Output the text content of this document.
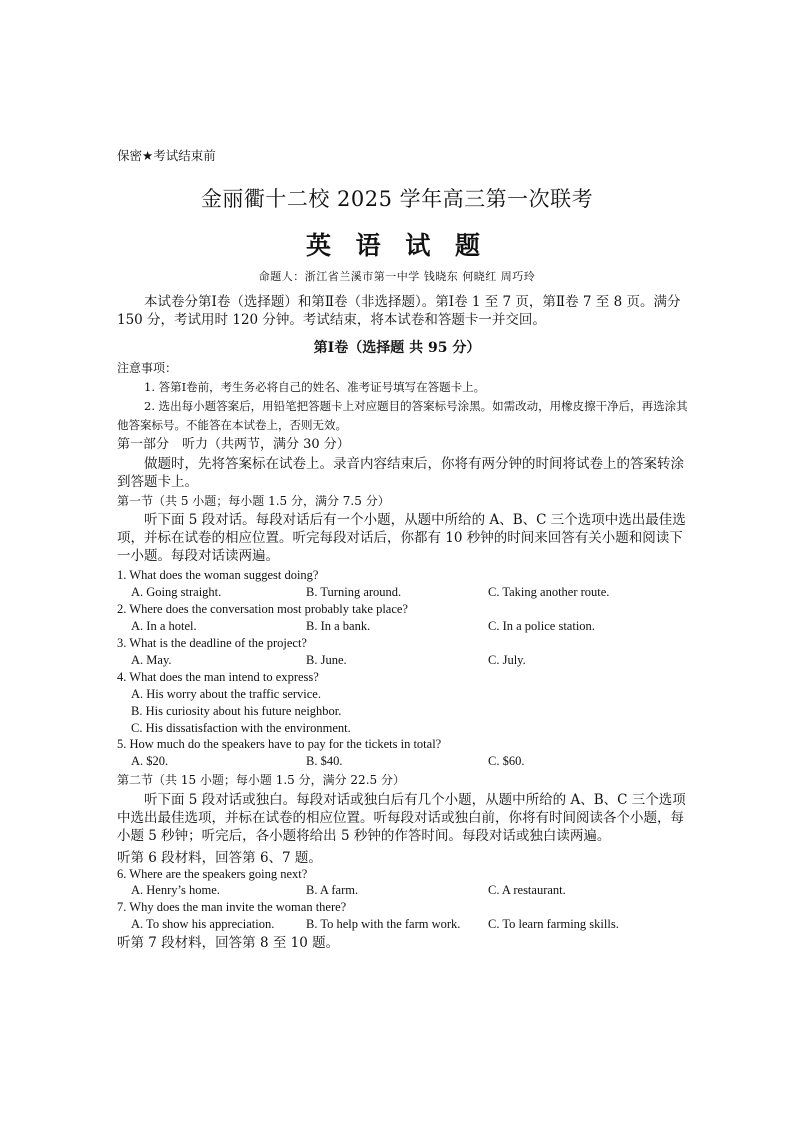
保密★考试结束前
金丽衢十二校 2025 学年高三第一次联考
英 语 试 题
命题人：浙江省兰溪市第一中学 钱晓东 何晓红 周巧玲
本试卷分第Ⅰ卷（选择题）和第Ⅱ卷（非选择题）。第Ⅰ卷 1 至 7 页，第Ⅱ卷 7 至 8 页。满分 150 分，考试用时 120 分钟。考试结束，将本试卷和答题卡一并交回。
第Ⅰ卷（选择题 共 95 分）
注意事项：
1. 答第Ⅰ卷前，考生务必将自己的姓名、准考证号填写在答题卡上。
2. 选出每小题答案后，用铅笔把答题卡上对应题目的答案标号涂黑。如需改动，用橡皮擦干净后，再选涂其他答案标号。不能答在本试卷上，否则无效。
第一部分　听力（共两节，满分 30 分）
做题时，先将答案标在试卷上。录音内容结束后，你将有两分钟的时间将试卷上的答案转涂到答题卡上。
第一节（共 5 小题；每小题 1.5 分，满分 7.5 分）
听下面 5 段对话。每段对话后有一个小题，从题中所给的 A、B、C 三个选项中选出最佳选项，并标在试卷的相应位置。听完每段对话后，你都有 10 秒钟的时间来回答有关小题和阅读下一小题。每段对话读两遍。
1. What does the woman suggest doing?
A. Going straight.	B. Turning around.	C. Taking another route.
2. Where does the conversation most probably take place?
A. In a hotel.	B. In a bank.	C. In a police station.
3. What is the deadline of the project?
A. May.	B. June.	C. July.
4. What does the man intend to express?
A. His worry about the traffic service.
B. His curiosity about his future neighbor.
C. His dissatisfaction with the environment.
5. How much do the speakers have to pay for the tickets in total?
A. $20.	B. $40.	C. $60.
第二节（共 15 小题；每小题 1.5 分，满分 22.5 分）
听下面 5 段对话或独白。每段对话或独白后有几个小题，从题中所给的 A、B、C 三个选项中选出最佳选项，并标在试卷的相应位置。听每段对话或独白前，你将有时间阅读各个小题，每小题 5 秒钟；听完后，各小题将给出 5 秒钟的作答时间。每段对话或独白读两遍。
听第 6 段材料，回答第 6、7 题。
6. Where are the speakers going next?
A. Henry’s home.	B. A farm.	C. A restaurant.
7. Why does the man invite the woman there?
A. To show his appreciation.	B. To help with the farm work. C. To learn farming skills.
听第 7 段材料，回答第 8 至 10 题。
